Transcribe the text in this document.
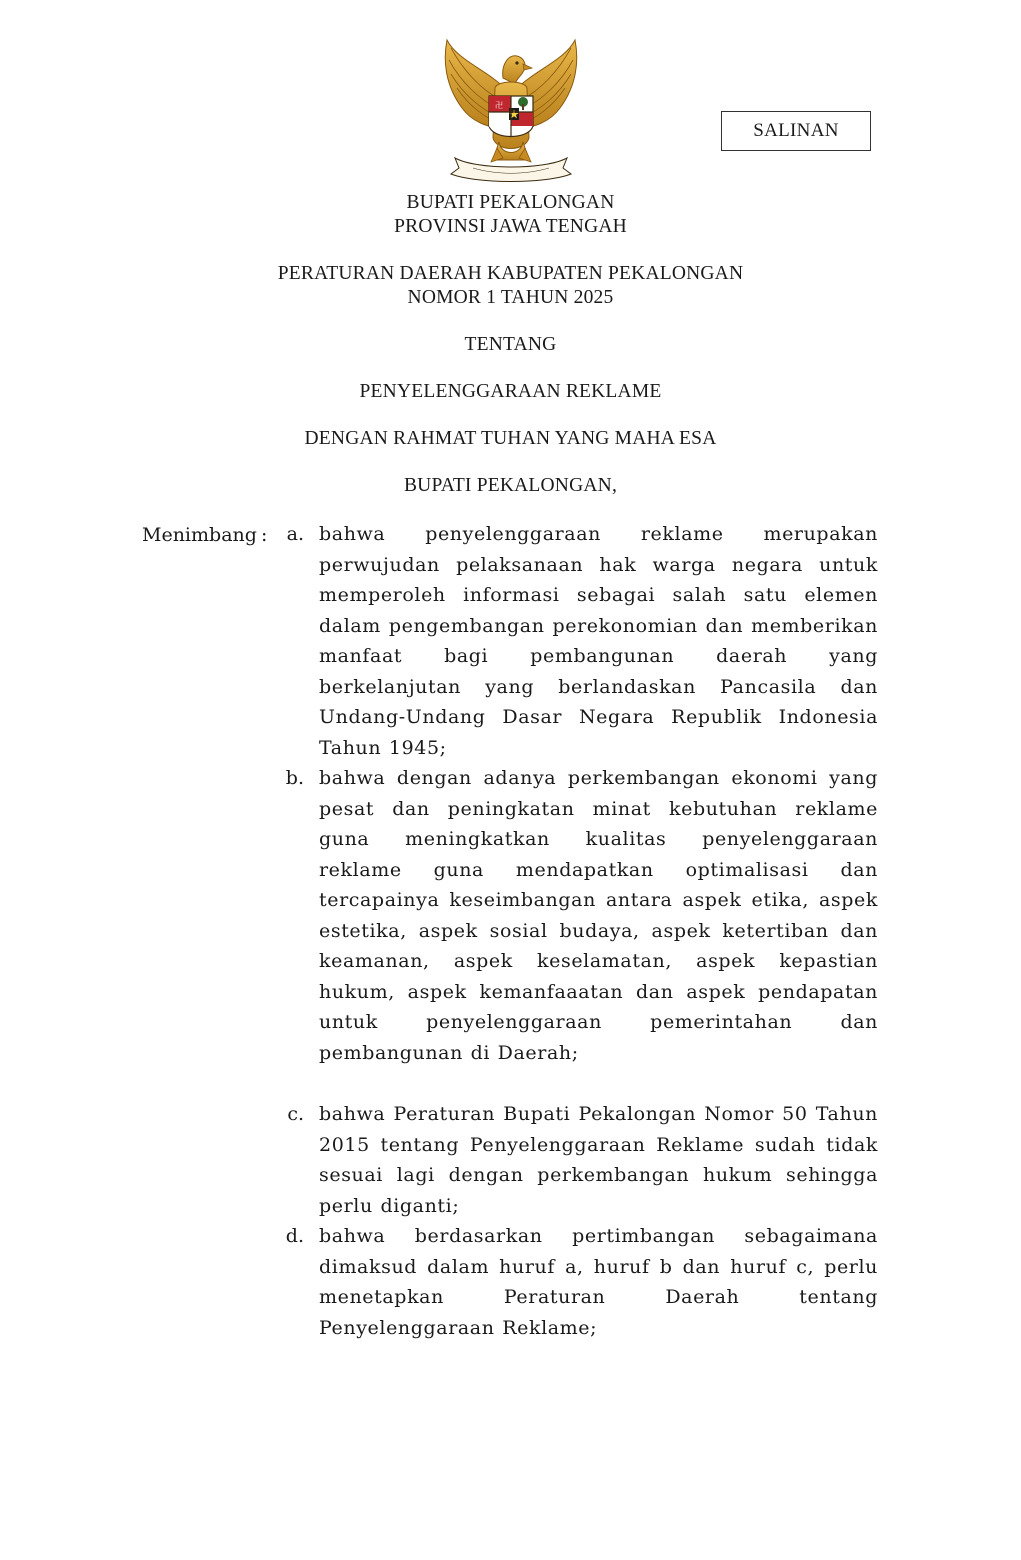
卍
SALINAN
BUPATI PEKALONGAN
PROVINSI JAWA TENGAH
PERATURAN DAERAH KABUPATEN PEKALONGAN
NOMOR 1 TAHUN 2025
TENTANG
PENYELENGGARAAN REKLAME
DENGAN RAHMAT TUHAN YANG MAHA ESA
BUPATI PEKALONGAN,
Menimbang :	a. bahwa penyelenggaraan reklame merupakan perwujudan pelaksanaan hak warga negara untuk memperoleh informasi sebagai salah satu elemen dalam pengembangan perekonomian dan memberikan manfaat bagi pembangunan daerah yang berkelanjutan yang berlandaskan Pancasila dan Undang-Undang Dasar Negara Republik Indonesia Tahun 1945;
b. bahwa dengan adanya perkembangan ekonomi yang pesat dan peningkatan minat kebutuhan reklame guna meningkatkan kualitas penyelenggaraan reklame guna mendapatkan optimalisasi dan tercapainya keseimbangan antara aspek etika, aspek estetika, aspek sosial budaya, aspek ketertiban dan keamanan, aspek keselamatan, aspek kepastian hukum, aspek kemanfaaatan dan aspek pendapatan untuk penyelenggaraan pemerintahan dan pembangunan di Daerah;
c. bahwa Peraturan Bupati Pekalongan Nomor 50 Tahun 2015 tentang Penyelenggaraan Reklame sudah tidak sesuai lagi dengan perkembangan hukum sehingga perlu diganti;
d. bahwa berdasarkan pertimbangan sebagaimana dimaksud dalam huruf a, huruf b dan huruf c, perlu menetapkan Peraturan Daerah tentang Penyelenggaraan Reklame;
